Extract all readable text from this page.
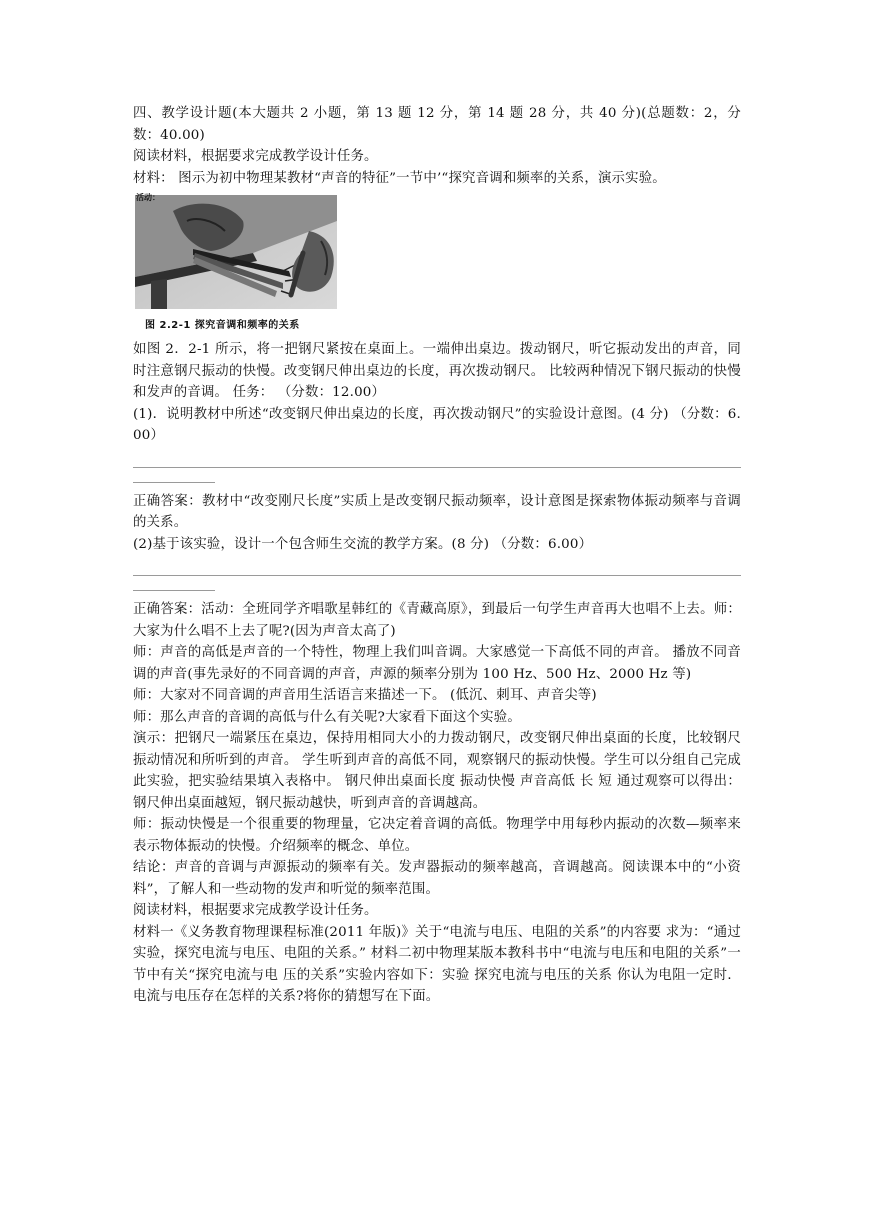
四、教学设计题(本大题共 2 小题，第 13 题 12 分，第 14 题 28 分，共 40 分)(总题数：2，分数：40.00)

阅读材料，根据要求完成教学设计任务。

材料： 图示为初中物理某教材“声音的特征”一节中’“探究音调和频率的关系，演示实验。

活动：
图 2.2-1 探究音调和频率的关系

如图 2．2-1 所示，将一把钢尺紧按在桌面上。一端伸出桌边。拨动钢尺，听它振动发出的声音，同时注意钢尺振动的快慢。改变钢尺伸出桌边的长度，再次拨动钢尺。 比较两种情况下钢尺振动的快慢和发声的音调。 任务： （分数：12.00）

(1)．说明教材中所述“改变钢尺伸出桌边的长度，再次拨动钢尺”的实验设计意图。(4 分) （分数：6.00）

正确答案：教材中“改变刚尺长度”实质上是改变钢尺振动频率，设计意图是探索物体振动频率与音调的关系。

(2)基于该实验，设计一个包含师生交流的教学方案。(8 分) （分数：6.00）

正确答案：活动：全班同学齐唱歌星韩红的《青藏高原》，到最后一句学生声音再大也唱不上去。师：大家为什么唱不上去了呢?(因为声音太高了)

师：声音的高低是声音的一个特性，物理上我们叫音调。大家感觉一下高低不同的声音。 播放不同音调的声音(事先录好的不同音调的声音，声源的频率分别为 100 Hz、500 Hz、2000 Hz 等)

师：大家对不同音调的声音用生活语言来描述一下。 (低沉、刺耳、声音尖等)

师：那么声音的音调的高低与什么有关呢?大家看下面这个实验。

演示：把钢尺一端紧压在桌边，保持用相同大小的力拨动钢尺，改变钢尺伸出桌面的长度，比较钢尺振动情况和所听到的声音。 学生听到声音的高低不同，观察钢尺的振动快慢。学生可以分组自己完成此实验，把实验结果填入表格中。 钢尺伸出桌面长度 振动快慢 声音高低 长 短 通过观察可以得出：钢尺伸出桌面越短，钢尺振动越快，听到声音的音调越高。

师：振动快慢是一个很重要的物理量，它决定着音调的高低。物理学中用每秒内振动的次数—频率来表示物体振动的快慢。介绍频率的概念、单位。

结论：声音的音调与声源振动的频率有关。发声器振动的频率越高，音调越高。阅读课本中的“小资料”，了解人和一些动物的发声和听觉的频率范围。

阅读材料，根据要求完成教学设计任务。

材料一《义务教育物理课程标准(2011 年版)》关于“电流与电压、电阻的关系”的内容要 求为：“通过实验，探究电流与电压、电阻的关系。” 材料二初中物理某版本教科书中“电流与电压和电阻的关系”一节中有关“探究电流与电 压的关系”实验内容如下：实验 探究电流与电压的关系 你认为电阻一定时．电流与电压存在怎样的关系?将你的猜想写在下面。
